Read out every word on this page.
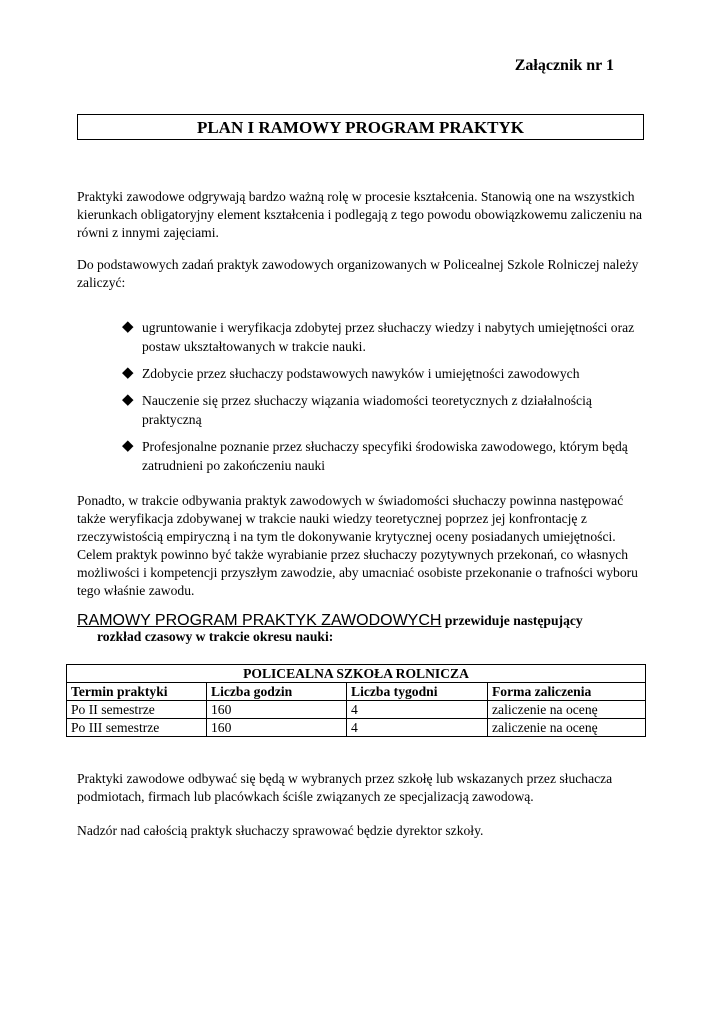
Załącznik nr 1
PLAN I RAMOWY PROGRAM PRAKTYK

Praktyki zawodowe odgrywają bardzo ważną rolę w procesie kształcenia. Stanowią one na wszystkich kierunkach obligatoryjny element kształcenia i podlegają z tego powodu obowiązkowemu zaliczeniu na równi z innymi zajęciami.

Do podstawowych zadań praktyk zawodowych organizowanych w Policealnej Szkole Rolniczej należy zaliczyć:

◆ ugruntowanie i weryfikacja zdobytej przez słuchaczy wiedzy i nabytych umiejętności oraz postaw ukształtowanych w trakcie nauki.
◆ Zdobycie przez słuchaczy podstawowych nawyków i umiejętności zawodowych
◆ Nauczenie się przez słuchaczy wiązania wiadomości teoretycznych z działalnością praktyczną
◆ Profesjonalne poznanie przez słuchaczy specyfiki środowiska zawodowego, którym będą zatrudnieni po zakończeniu nauki

Ponadto, w trakcie odbywania praktyk zawodowych w świadomości słuchaczy powinna następować także weryfikacja zdobywanej w trakcie nauki wiedzy teoretycznej poprzez jej konfrontację z rzeczywistością empiryczną i na tym tle dokonywanie krytycznej oceny posiadanych umiejętności. Celem praktyk powinno być także wyrabianie przez słuchaczy pozytywnych przekonań, co własnych możliwości i kompetencji przyszłym zawodzie, aby umacniać osobiste przekonanie o trafności wyboru tego właśnie zawodu.

RAMOWY PROGRAM PRAKTYK ZAWODOWYCH przewiduje następujący
rozkład czasowy w trakcie okresu nauki:
POLICEALNA SZKOŁA ROLNICZA			
Termin praktyki	Liczba godzin	Liczba tygodni	Forma zaliczenia
Po II semestrze	160	4	zaliczenie na ocenę
Po III semestrze	160	4	zaliczenie na ocenę

Praktyki zawodowe odbywać się będą w wybranych przez szkołę lub wskazanych przez słuchacza podmiotach, firmach lub placówkach ściśle związanych ze specjalizacją zawodową.

Nadzór nad całością praktyk słuchaczy sprawować będzie dyrektor szkoły.
